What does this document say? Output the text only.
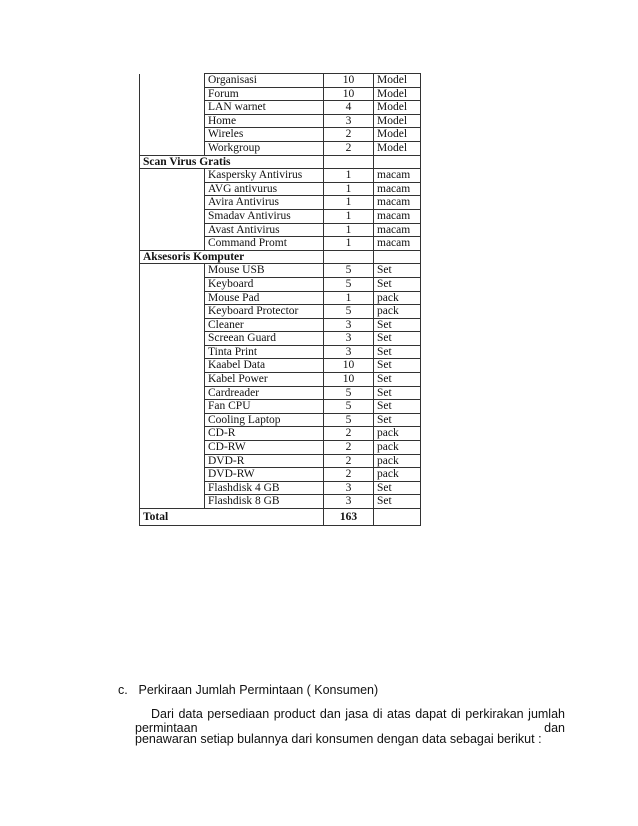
	Organisasi	10	Model
	Forum	10	Model
	LAN warnet	4	Model
	Home	3	Model
	Wireles	2	Model
	Workgroup	2	Model
Scan Virus Gratis			
	Kaspersky Antivirus	1	macam
	AVG antivurus	1	macam
	Avira Antivirus	1	macam
	Smadav Antivirus	1	macam
	Avast Antivirus	1	macam
	Command Promt	1	macam
Aksesoris Komputer			
	Mouse USB	5	Set
	Keyboard	5	Set
	Mouse Pad	1	pack
	Keyboard Protector	5	pack
	Cleaner	3	Set
	Screean Guard	3	Set
	Tinta Print	3	Set
	Kaabel Data	10	Set
	Kabel Power	10	Set
	Cardreader	5	Set
	Fan CPU	5	Set
	Cooling Laptop	5	Set
	CD-R	2	pack
	CD-RW	2	pack
	DVD-R	2	pack
	DVD-RW	2	pack
	Flashdisk 4 GB	3	Set
	Flashdisk 8 GB	3	Set
Total		163	
c. Perkiraan Jumlah Permintaan ( Konsumen)
Dari data persediaan product dan jasa di atas dapat di perkirakan jumlah permintaan dan
penawaran setiap bulannya dari konsumen dengan data sebagai berikut :
